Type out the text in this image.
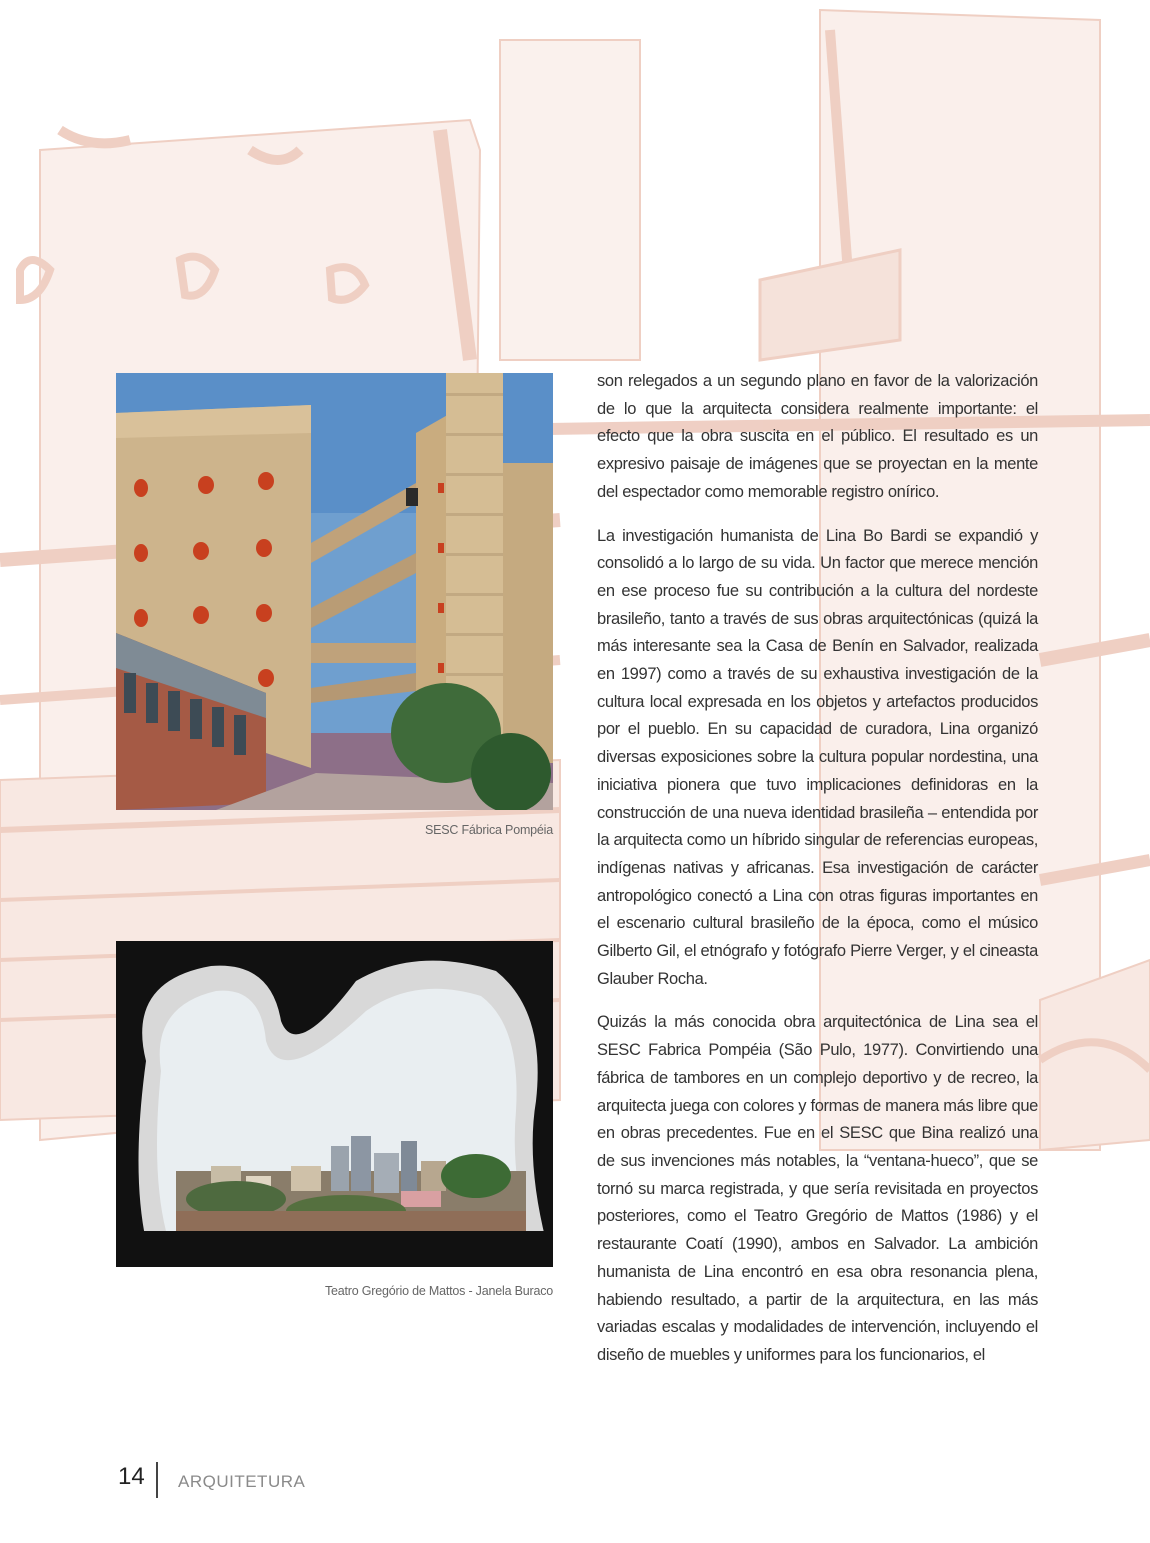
SESC Fábrica Pompéia
Teatro Gregório de Mattos - Janela Buraco

son relegados a un segundo plano en favor de la valorización de lo que la arquitecta considera realmente importante: el efecto que la obra suscita en el público. El resultado es un expresivo paisaje de imágenes que se proyectan en la mente del espectador como memorable registro onírico.

La investigación humanista de Lina Bo Bardi se expandió y consolidó a lo largo de su vida. Un factor que merece mención en ese proceso fue su contribución a la cultura del nordeste brasileño, tanto a través de sus obras arquitectónicas (quizá la más interesante sea la Casa de Benín en Salvador, realizada en 1997) como a través de su exhaustiva investigación de la cultura local expresada en los objetos y artefactos producidos por el pueblo. En su capacidad de curadora, Lina organizó diversas exposiciones sobre la cultura popular nordestina, una iniciativa pionera que tuvo implicaciones definidoras en la construcción de una nueva identidad brasileña – entendida por la arquitecta como un híbrido singular de referencias europeas, indígenas nativas y africanas. Esa investigación de carácter antropológico conectó a Lina con otras figuras importantes en el escenario cultural brasileño de la época, como el músico Gilberto Gil, el etnógrafo y fotógrafo Pierre Verger, y el cineasta Glauber Rocha.

Quizás la más conocida obra arquitectónica de Lina sea el SESC Fabrica Pompéia (São Pulo, 1977). Convirtiendo una fábrica de tambores en un complejo deportivo y de recreo, la arquitecta juega con colores y formas de manera más libre que en obras precedentes. Fue en el SESC que Bina realizó una de sus invenciones más notables, la “ventana-hueco”, que se tornó su marca registrada, y que sería revisitada en proyectos posteriores, como el Teatro Gregório de Mattos (1986) y el restaurante Coatí (1990), ambos en Salvador. La ambición humanista de Lina encontró en esa obra resonancia plena, habiendo resultado, a partir de la arquitectura, en las más variadas escalas y modalidades de intervención, incluyendo el diseño de muebles y uniformes para los funcionarios, el

14 ARQUITETURA
